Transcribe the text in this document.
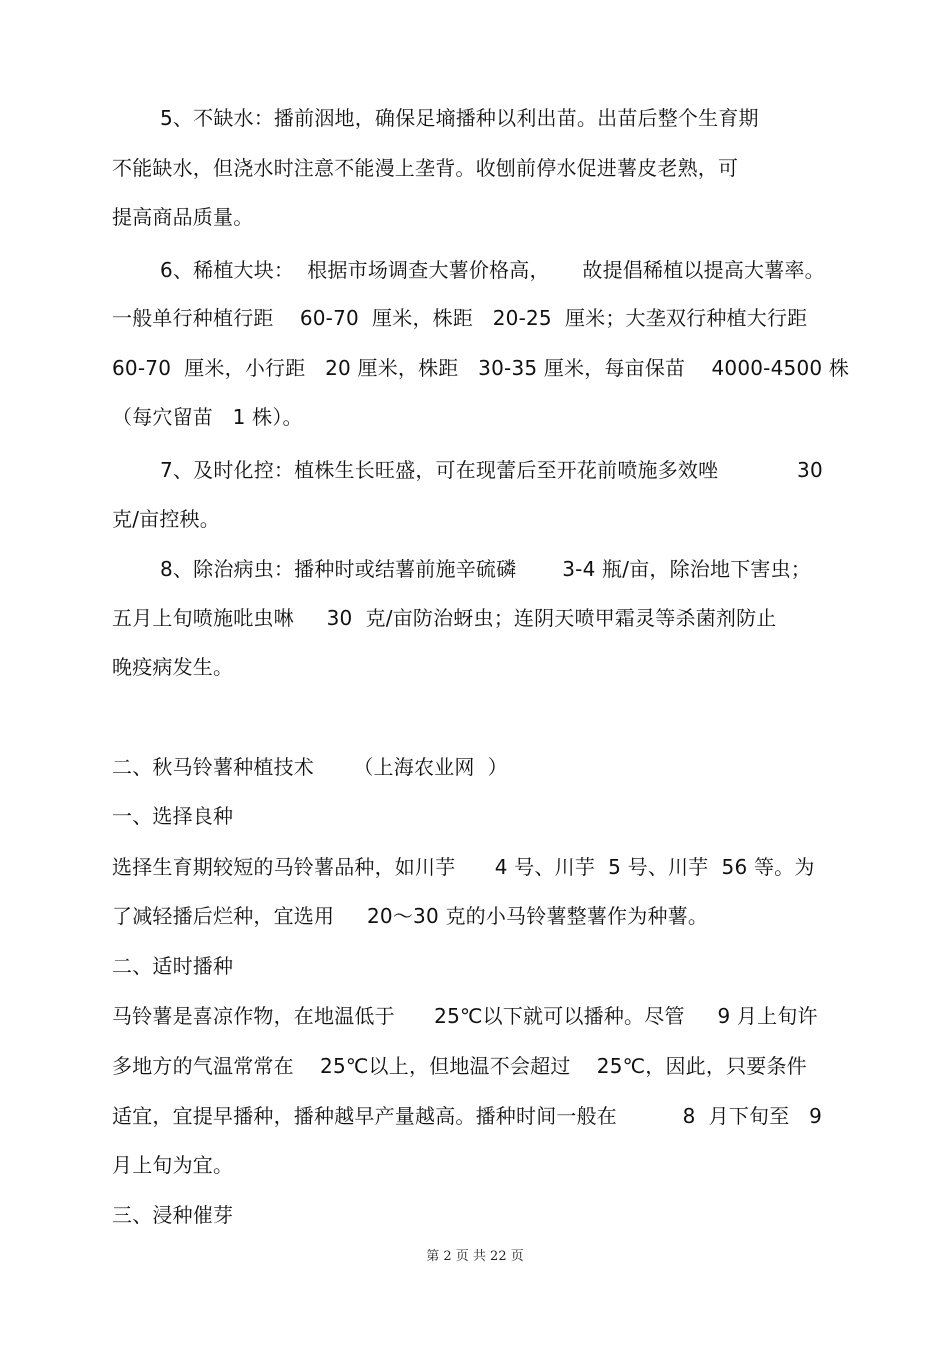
5、不缺水：播前洇地，确保足墒播种以利出苗。出苗后整个生育期
不能缺水，但浇水时注意不能漫上垄背。收刨前停水促进薯皮老熟，可
提高商品质量。
6、稀植大块：  根据市场调查大薯价格高，     故提倡稀植以提高大薯率。
一般单行种植行距    60-70  厘米，株距   20-25  厘米；大垄双行种植大行距
60-70  厘米，小行距   20 厘米，株距   30-35 厘米，每亩保苗    4000-4500 株
（每穴留苗   1 株）。
7、及时化控：植株生长旺盛，可在现蕾后至开花前喷施多效唑            30
克/亩控秧。
8、除治病虫：播种时或结薯前施辛硫磷       3-4 瓶/亩，除治地下害虫；
五月上旬喷施吡虫啉     30  克/亩防治蚜虫；连阴天喷甲霜灵等杀菌剂防止
晚疫病发生。
二、秋马铃薯种植技术      （上海农业网  ）
一、选择良种
选择生育期较短的马铃薯品种，如川芋      4 号、川芋  5 号、川芋  56 等。为
了减轻播后烂种，宜选用     20～30 克的小马铃薯整薯作为种薯。
二、适时播种
马铃薯是喜凉作物，在地温低于      25℃以下就可以播种。尽管     9 月上旬许
多地方的气温常常在    25℃以上，但地温不会超过    25℃，因此，只要条件
适宜，宜提早播种，播种越早产量越高。播种时间一般在          8  月下旬至   9
月上旬为宜。
三、浸种催芽
第 2 页 共 22 页
